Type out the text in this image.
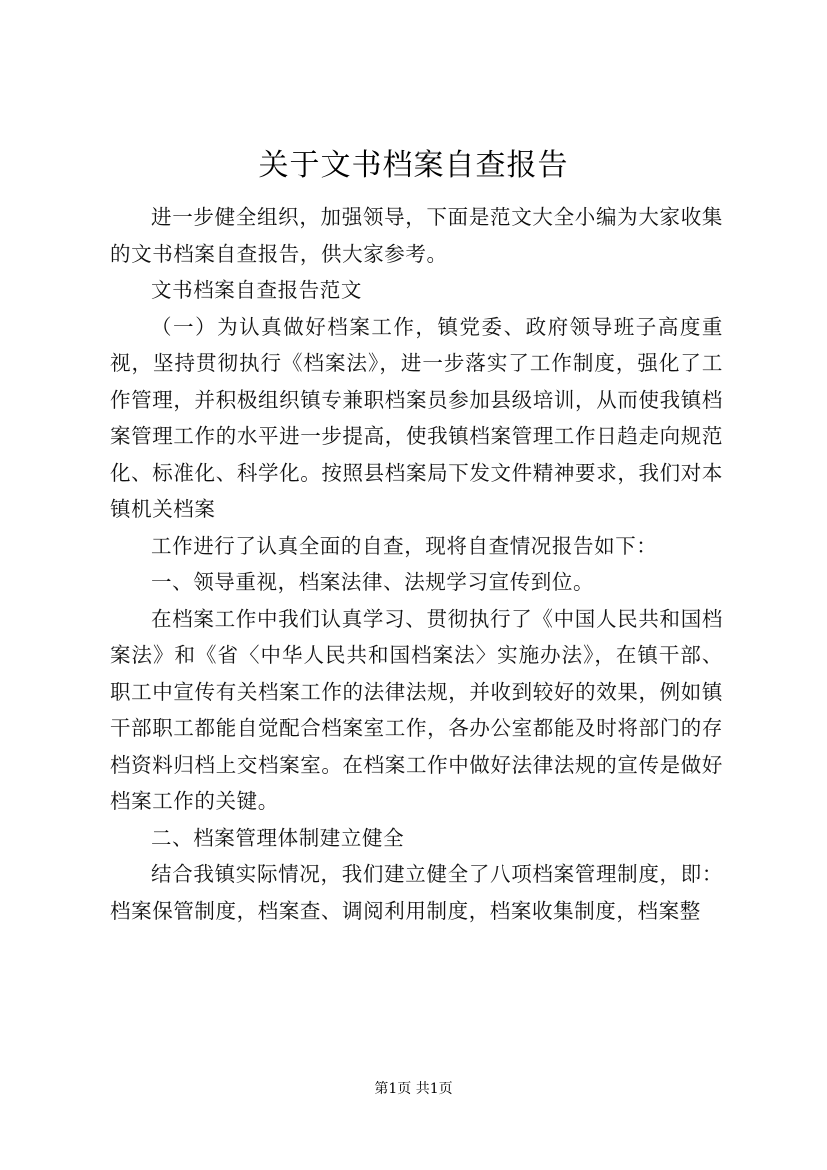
关于文书档案自查报告

进一步健全组织，加强领导，下面是范文大全小编为大家收集的文书档案自查报告，供大家参考。

文书档案自查报告范文

（一）为认真做好档案工作，镇党委、政府领导班子高度重视，坚持贯彻执行《档案法》，进一步落实了工作制度，强化了工作管理，并积极组织镇专兼职档案员参加县级培训，从而使我镇档案管理工作的水平进一步提高，使我镇档案管理工作日趋走向规范化、标准化、科学化。按照县档案局下发文件精神要求，我们对本镇机关档案

工作进行了认真全面的自查，现将自查情况报告如下：

一、领导重视，档案法律、法规学习宣传到位。

在档案工作中我们认真学习、贯彻执行了《中国人民共和国档案法》和《省〈中华人民共和国档案法〉实施办法》，在镇干部、职工中宣传有关档案工作的法律法规，并收到较好的效果，例如镇干部职工都能自觉配合档案室工作，各办公室都能及时将部门的存档资料归档上交档案室。在档案工作中做好法律法规的宣传是做好档案工作的关键。

二、档案管理体制建立健全

结合我镇实际情况，我们建立健全了八项档案管理制度，即：档案保管制度，档案查、调阅利用制度，档案收集制度，档案整

第1页 共1页
